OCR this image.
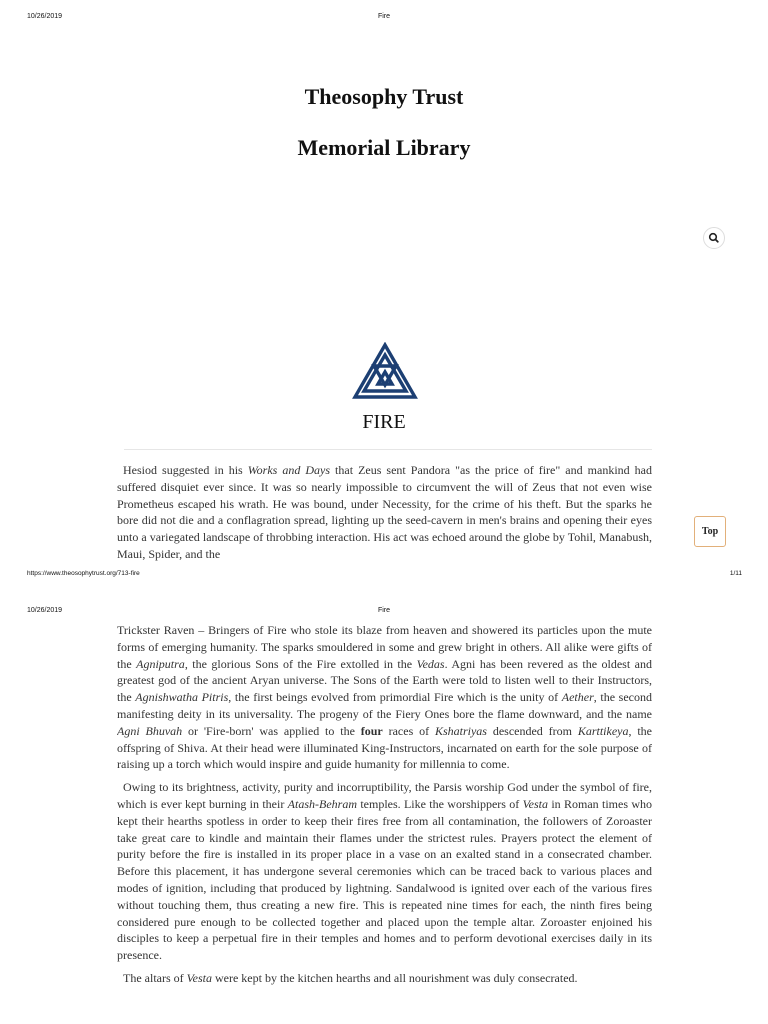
10/26/2019	Fire
Theosophy Trust
Memorial Library
FIRE

Hesiod suggested in his Works and Days that Zeus sent Pandora "as the price of fire" and mankind had suffered disquiet ever since. It was so nearly impossible to circumvent the will of Zeus that not even wise Prometheus escaped his wrath. He was bound, under Necessity, for the crime of his theft. But the sparks he bore did not die and a conflagration spread, lighting up the seed-cavern in men's brains and opening their eyes unto a variegated landscape of throbbing interaction. His act was echoed around the globe by Tohil, Manabush, Maui, Spider, and the

Top
https://www.theosophytrust.org/713-fire	1/11
10/26/2019	Fire

Trickster Raven – Bringers of Fire who stole its blaze from heaven and showered its particles upon the mute forms of emerging humanity. The sparks smouldered in some and grew bright in others. All alike were gifts of the Agniputra, the glorious Sons of the Fire extolled in the Vedas. Agni has been revered as the oldest and greatest god of the ancient Aryan universe. The Sons of the Earth were told to listen well to their Instructors, the Agnishwatha Pitris, the first beings evolved from primordial Fire which is the unity of Aether, the second manifesting deity in its universality. The progeny of the Fiery Ones bore the flame downward, and the name Agni Bhuvah or 'Fire-born' was applied to the four races of Kshatriyas descended from Karttikeya, the offspring of Shiva. At their head were illuminated King-Instructors, incarnated on earth for the sole purpose of raising up a torch which would inspire and guide humanity for millennia to come.

Owing to its brightness, activity, purity and incorruptibility, the Parsis worship God under the symbol of fire, which is ever kept burning in their Atash-Behram temples. Like the worshippers of Vesta in Roman times who kept their hearths spotless in order to keep their fires free from all contamination, the followers of Zoroaster take great care to kindle and maintain their flames under the strictest rules. Prayers protect the element of purity before the fire is installed in its proper place in a vase on an exalted stand in a consecrated chamber. Before this placement, it has undergone several ceremonies which can be traced back to various places and modes of ignition, including that produced by lightning. Sandalwood is ignited over each of the various fires without touching them, thus creating a new fire. This is repeated nine times for each, the ninth fires being considered pure enough to be collected together and placed upon the temple altar. Zoroaster enjoined his disciples to keep a perpetual fire in their temples and homes and to perform devotional exercises daily in its presence.

The altars of Vesta were kept by the kitchen hearths and all nourishment was duly consecrated.
